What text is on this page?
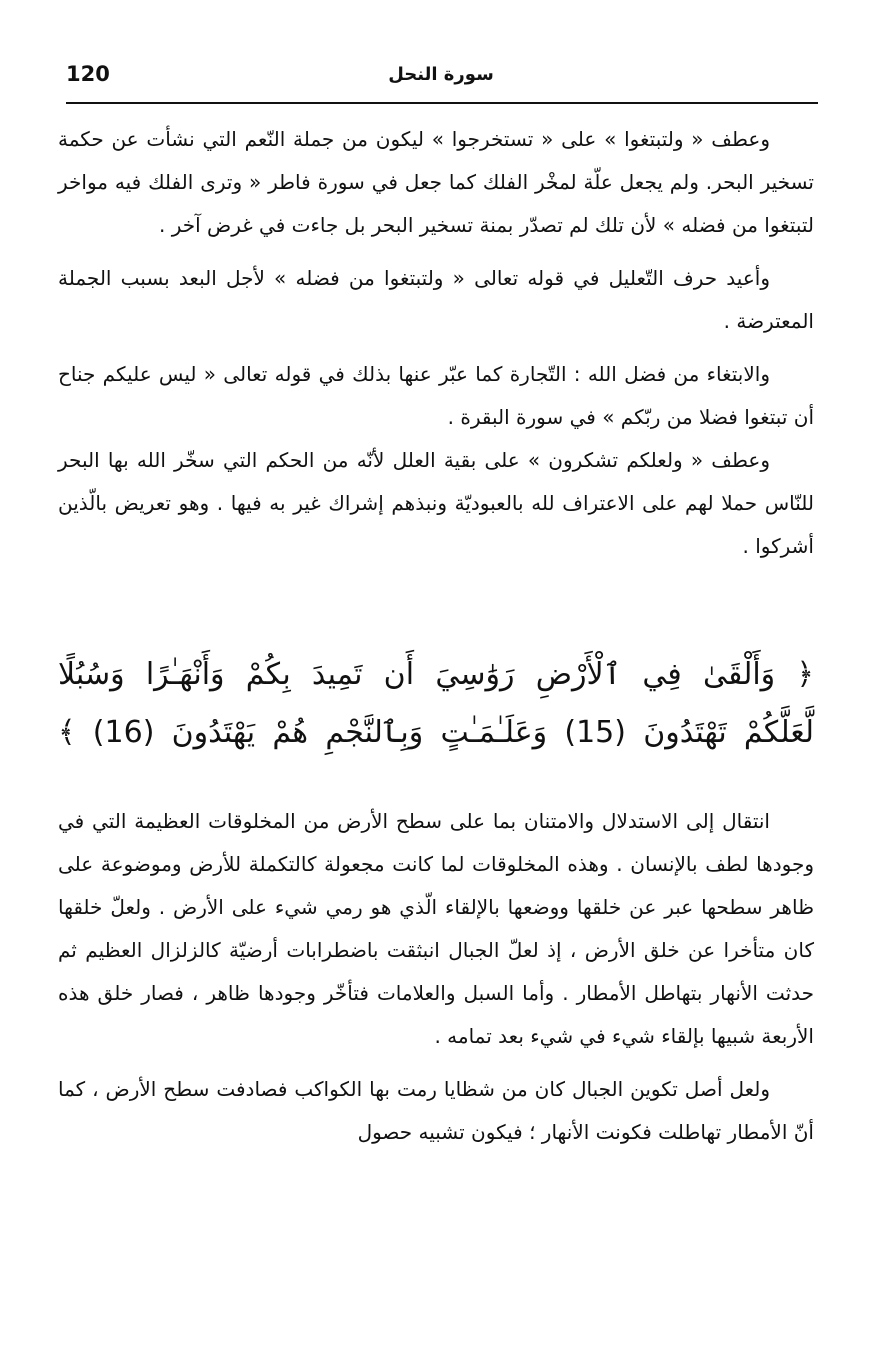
120	سورة النحل

وعطف « ولتبتغوا » على « تستخرجوا » ليكون من جملة النّعم التي نشأت عن حكمة تسخير البحر. ولم يجعل علّة لمخْر الفلك كما جعل في سورة فاطر « وترى الفلك فيه مواخر لتبتغوا من فضله » لأن تلك لم تصدّر بمنة تسخير البحر بل جاءت في غرض آخر .

وأعيد حرف التّعليل في قوله تعالى « ولتبتغوا من فضله » لأجل البعد بسبب الجملة المعترضة .

والابتغاء من فضل الله : التّجارة كما عبّر عنها بذلك في قوله تعالى « ليس عليكم جناح أن تبتغوا فضلا من ربّكم » في سورة البقرة .

وعطف « ولعلكم تشكرون » على بقية العلل لأنّه من الحكم التي سخّر الله بها البحر للنّاس حملا لهم على الاعتراف لله بالعبوديّة ونبذهم إشراك غير به فيها . وهو تعريض بالّذين أشركوا .

﴿ وَأَلْقَىٰ فِي ٱلْأَرْضِ رَوَٰسِيَ أَن تَمِيدَ بِكُمْ وَأَنْهَـٰرًا وَسُبُلًا
لَّعَلَّكُمْ تَهْتَدُونَ (15) وَعَلَـٰمَـٰتٍ وَبِٱلنَّجْمِ هُمْ يَهْتَدُونَ (16) ﴾

انتقال إلى الاستدلال والامتنان بما على سطح الأرض من المخلوقات العظيمة التي في وجودها لطف بالإنسان . وهذه المخلوقات لما كانت مجعولة كالتكملة للأرض وموضوعة على ظاهر سطحها عبر عن خلقها ووضعها بالإلقاء الّذي هو رمي شيء على الأرض . ولعلّ خلقها كان متأخرا عن خلق الأرض ، إذ لعلّ الجبال انبثقت باضطرابات أرضيّة كالزلزال العظيم ثم حدثت الأنهار بتهاطل الأمطار . وأما السبل والعلامات فتأخّر وجودها ظاهر ، فصار خلق هذه الأربعة شبيها بإلقاء شيء في شيء بعد تمامه .

ولعل أصل تكوين الجبال كان من شظايا رمت بها الكواكب فصادفت سطح الأرض ، كما أنّ الأمطار تهاطلت فكونت الأنهار ؛ فيكون تشبيه حصول
